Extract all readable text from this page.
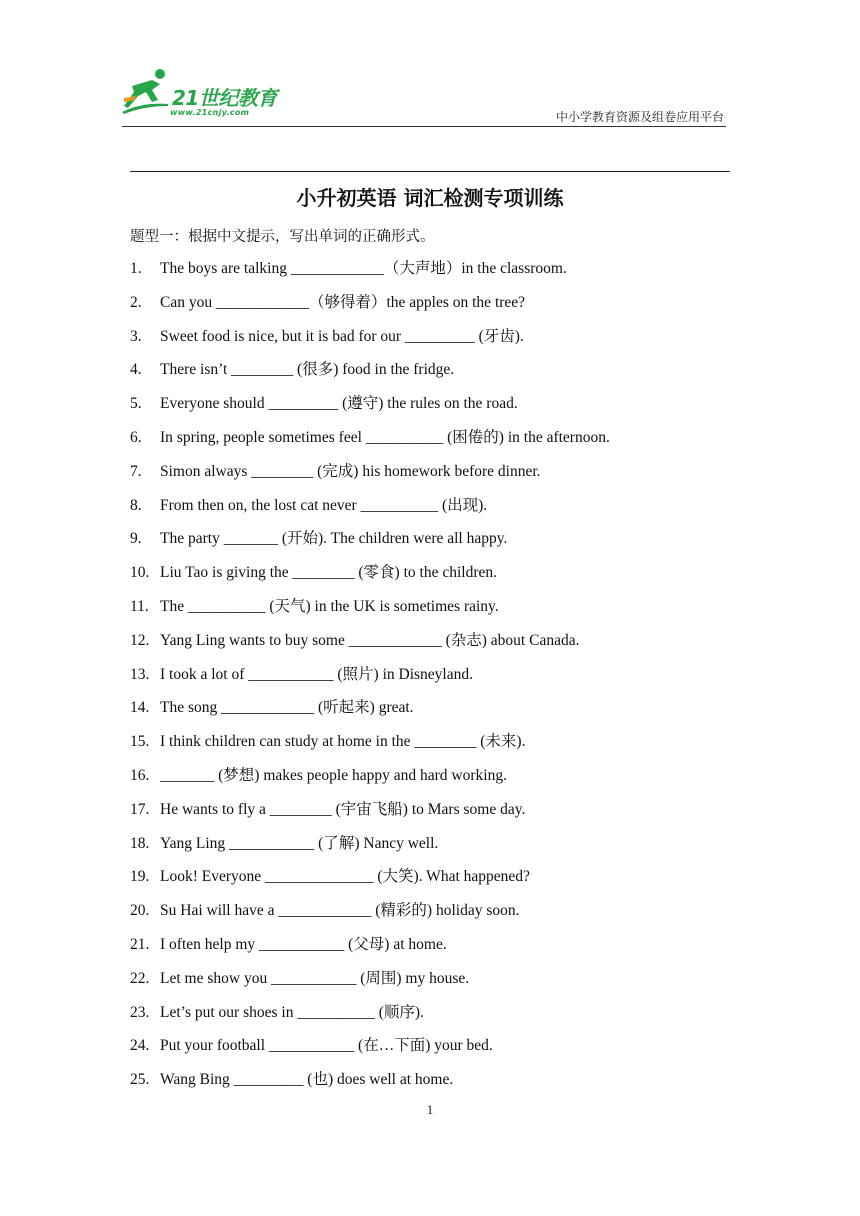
21世纪教育
www.21cnjy.com	中小学教育资源及组卷应用平台
小升初英语 词汇检测专项训练
题型一：根据中文提示，写出单词的正确形式。
1. The boys are talking ____________（大声地）in the classroom.
2. Can you ____________（够得着）the apples on the tree?
3. Sweet food is nice, but it is bad for our _________ (牙齿).
4. There isn’t ________ (很多) food in the fridge.
5. Everyone should _________ (遵守) the rules on the road.
6. In spring, people sometimes feel __________ (困倦的) in the afternoon.
7. Simon always ________ (完成) his homework before dinner.
8. From then on, the lost cat never __________ (出现).
9. The party _______ (开始). The children were all happy.
10. Liu Tao is giving the ________ (零食) to the children.
11. The __________ (天气) in the UK is sometimes rainy.
12. Yang Ling wants to buy some ____________ (杂志) about Canada.
13. I took a lot of ___________ (照片) in Disneyland.
14. The song ____________ (听起来) great.
15. I think children can study at home in the ________ (未来).
16. _______ (梦想) makes people happy and hard working.
17. He wants to fly a ________ (宇宙飞船) to Mars some day.
18. Yang Ling ___________ (了解) Nancy well.
19. Look! Everyone ______________ (大笑). What happened?
20. Su Hai will have a ____________ (精彩的) holiday soon.
21. I often help my ___________ (父母) at home.
22. Let me show you ___________ (周围) my house.
23. Let’s put our shoes in __________ (顺序).
24. Put your football ___________ (在…下面) your bed.
25. Wang Bing _________ (也) does well at home.
1
